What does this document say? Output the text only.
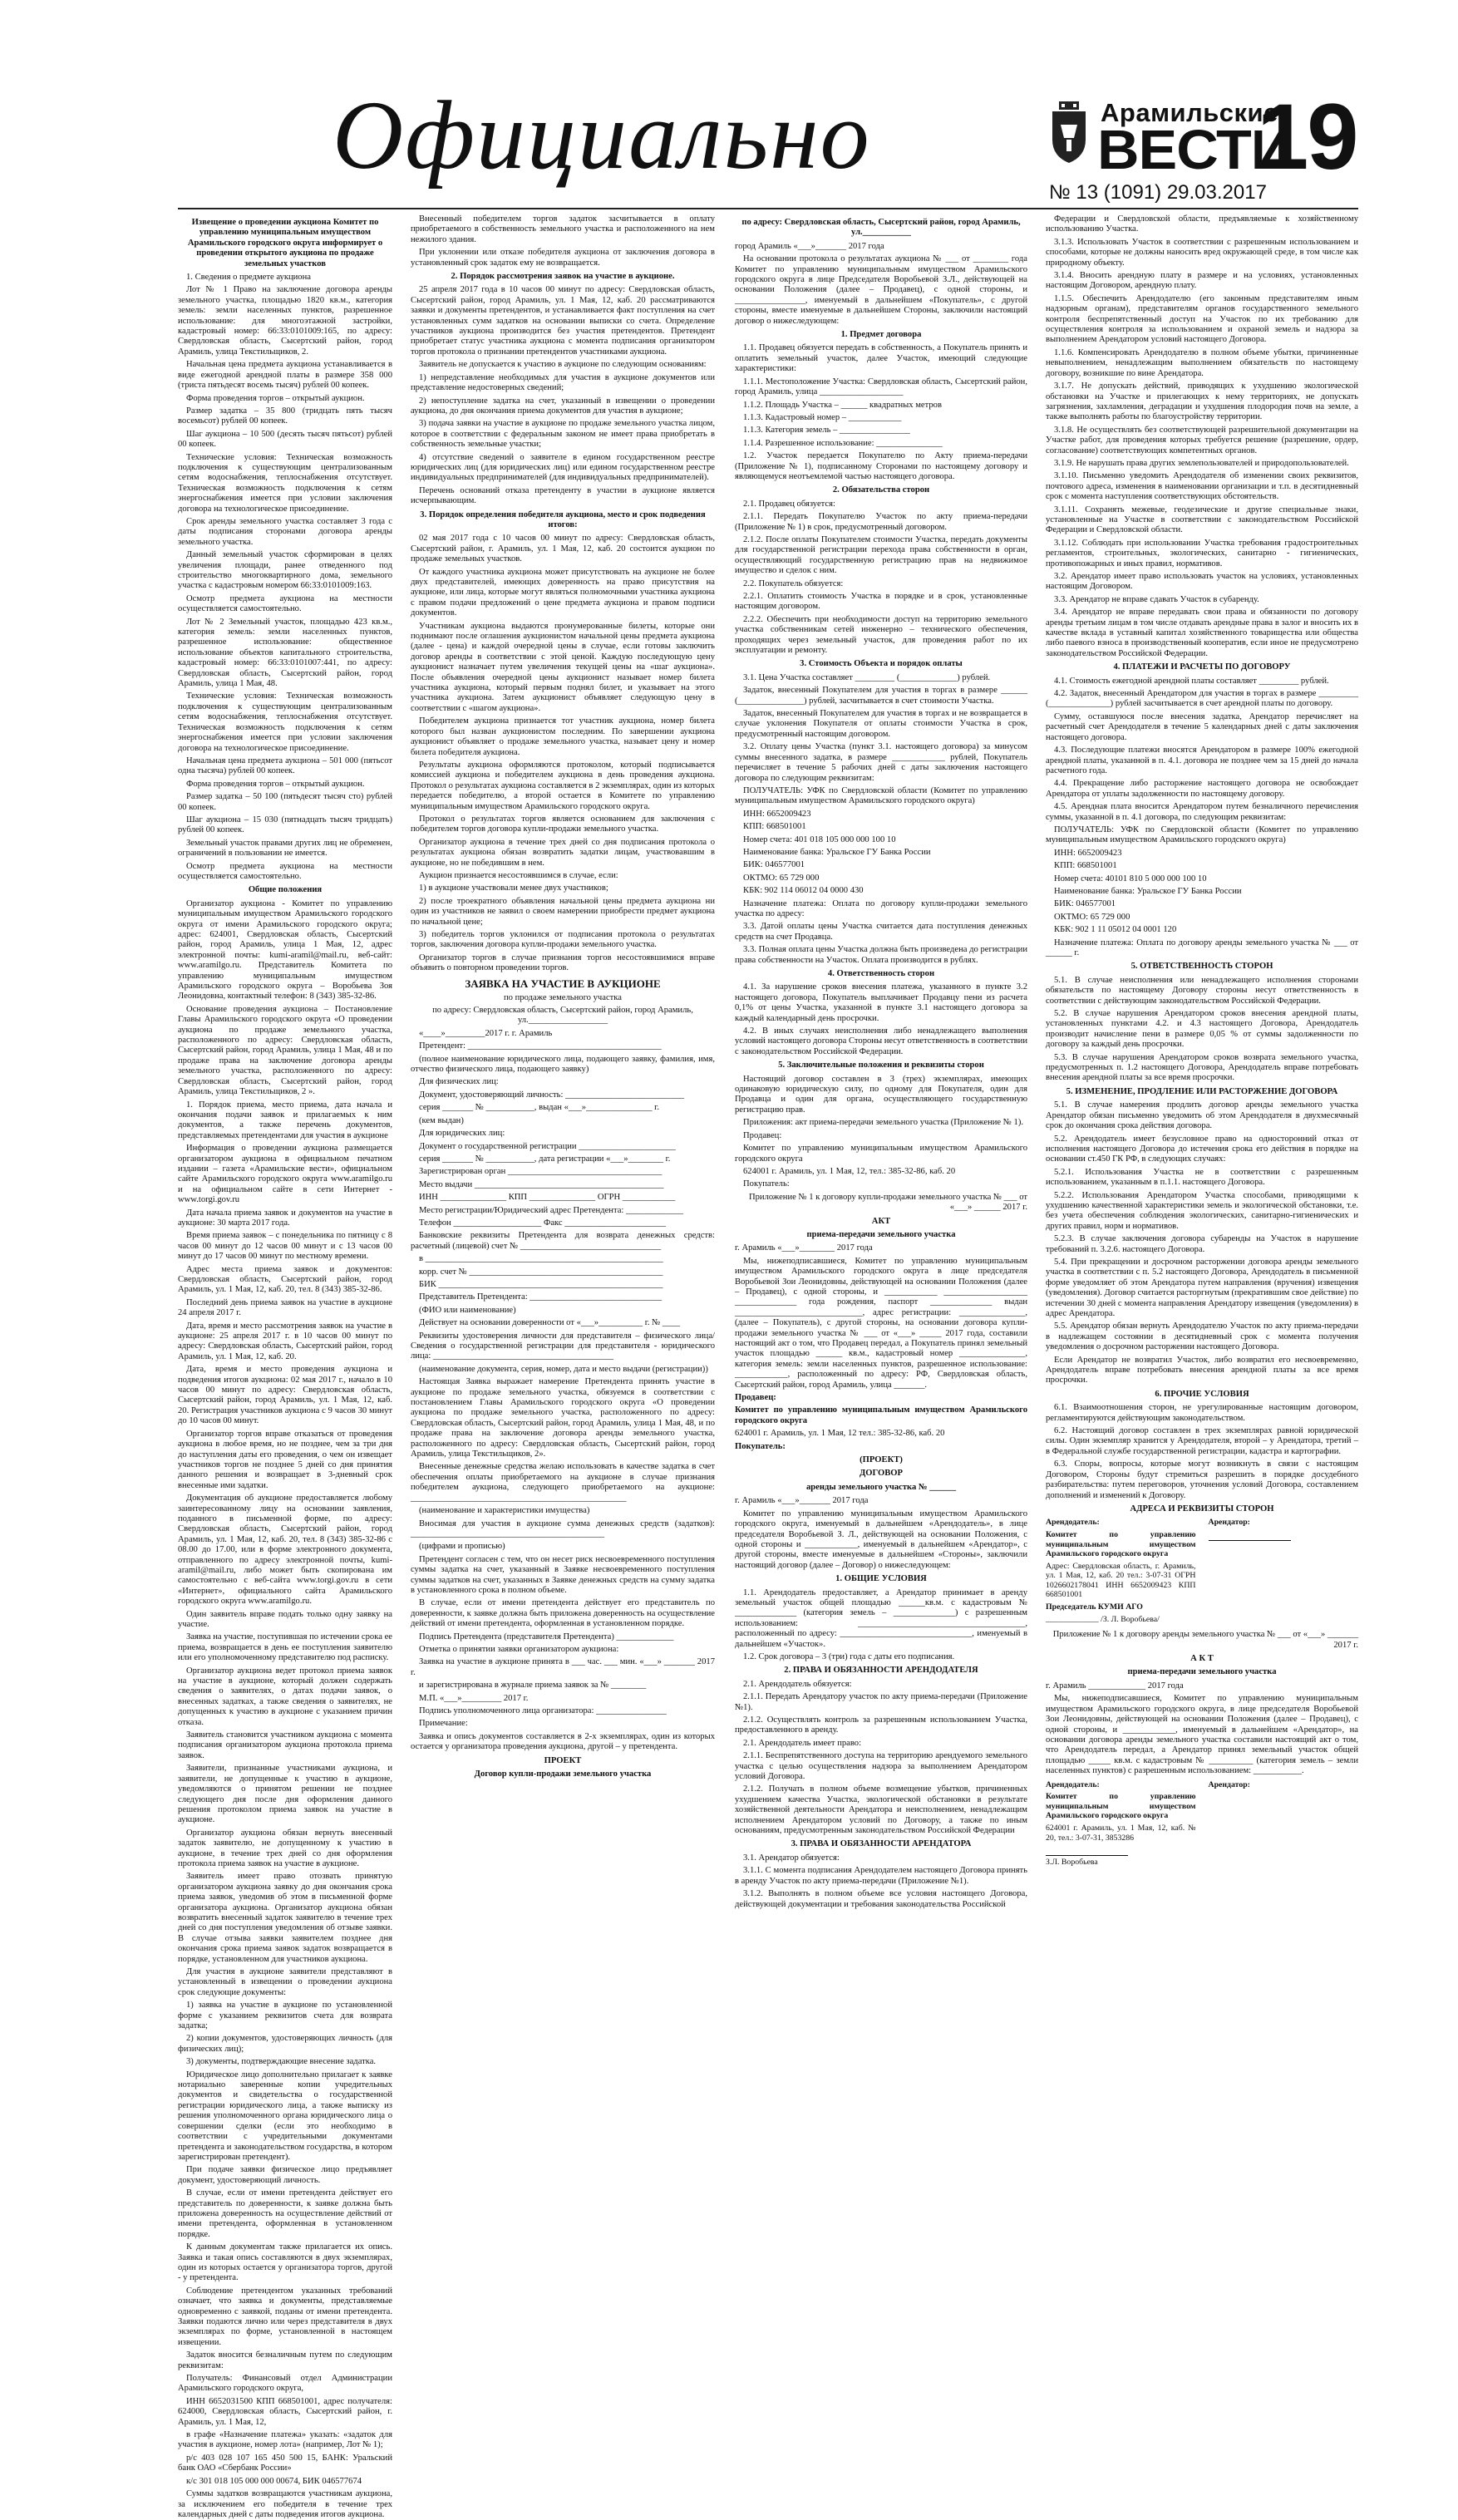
Официально	Арамильские
ВЕСТИ
19
№ 13 (1091) 29.03.2017

Извещение о проведении аукциона Комитет по управлению муниципальным имуществом Арамильского городского округа информирует о проведении открытого аукциона по продаже земельных участков

1. Сведения о предмете аукциона

Лот № 1 Право на заключение договора аренды земельного участка, площадью 1820 кв.м., категория земель: земли населенных пунктов, разрешенное использование: для многоэтажной застройки, кадастровый номер: 66:33:0101009:165, по адресу: Свердловская область, Сысертский район, город Арамиль, улица Текстильщиков, 2.

Начальная цена предмета аукциона устанавливается в виде ежегодной арендной платы в размере 358 000 (триста пятьдесят восемь тысяч) рублей 00 копеек.

Форма проведения торгов – открытый аукцион.

Размер задатка – 35 800 (тридцать пять тысяч восемьсот) рублей 00 копеек.

Шаг аукциона – 10 500 (десять тысяч пятьсот) рублей 00 копеек.

Технические условия: Техническая возможность подключения к существующим централизованным сетям водоснабжения, теплоснабжения отсутствует. Техническая возможность подключения к сетям энергоснабжения имеется при условии заключения договора на технологическое присоединение.

Срок аренды земельного участка составляет 3 года с даты подписания сторонами договора аренды земельного участка.

Данный земельный участок сформирован в целях увеличения площади, ранее отведенного под строительство многоквартирного дома, земельного участка с кадастровым номером 66:33:0101009:163.

Осмотр предмета аукциона на местности осуществляется самостоятельно.

Лот № 2 Земельный участок, площадью 423 кв.м., категория земель: земли населенных пунктов, разрешенное использование: общественное использование объектов капитального строительства, кадастровый номер: 66:33:0101007:441, по адресу: Свердловская область, Сысертский район, город Арамиль, улица 1 Мая, 48.

Технические условия: Техническая возможность подключения к существующим централизованным сетям водоснабжения, теплоснабжения отсутствует. Техническая возможность подключения к сетям энергоснабжения имеется при условии заключения договора на технологическое присоединение.

Начальная цена предмета аукциона – 501 000 (пятьсот одна тысяча) рублей 00 копеек.

Форма проведения торгов – открытый аукцион.

Размер задатка – 50 100 (пятьдесят тысяч сто) рублей 00 копеек.

Шаг аукциона – 15 030 (пятнадцать тысяч тридцать) рублей 00 копеек.

Земельный участок правами других лиц не обременен, ограничений в пользовании не имеется.

Осмотр предмета аукциона на местности осуществляется самостоятельно.

Общие положения

Организатор аукциона - Комитет по управлению муниципальным имуществом Арамильского городского округа от имени Арамильского городского округа; адрес: 624001, Свердловская область, Сысертский район, город Арамиль, улица 1 Мая, 12, адрес электронной почты: kumi-aramil@mail.ru, веб-сайт: www.aramilgo.ru. Представитель Комитета по управлению муниципальным имуществом Арамильского городского округа – Воробьева Зоя Леонидовна, контактный телефон: 8 (343) 385-32-86.

Основание проведения аукциона – Постановление Главы Арамильского городского округа «О проведении аукциона по продаже земельного участка, расположенного по адресу: Свердловская область, Сысертский район, город Арамиль, улица 1 Мая, 48 и по продаже права на заключение договора аренды земельного участка, расположенного по адресу: Свердловская область, Сысертский район, город Арамиль, улица Текстильщиков, 2 ».

1. Порядок приема, место приема, дата начала и окончания подачи заявок и прилагаемых к ним документов, а также перечень документов, представляемых претендентами для участия в аукционе

Информация о проведении аукциона размещается организатором аукциона в официальном печатном издании – газета «Арамильские вести», официальном сайте Арамильского городского округа www.aramilgo.ru и на официальном сайте в сети Интернет - www.torgi.gov.ru

Дата начала приема заявок и документов на участие в аукционе: 30 марта 2017 года.

Время приема заявок – с понедельника по пятницу с 8 часов 00 минут до 12 часов 00 минут и с 13 часов 00 минут до 17 часов 00 минут по местному времени.

Адрес места приема заявок и документов: Свердловская область, Сысертский район, город Арамиль, ул. 1 Мая, 12, каб. 20, тел. 8 (343) 385-32-86.

Последний день приема заявок на участие в аукционе 24 апреля 2017 г.

Дата, время и место рассмотрения заявок на участие в аукционе: 25 апреля 2017 г. в 10 часов 00 минут по адресу: Свердловская область, Сысертский район, город Арамиль, ул. 1 Мая, 12, каб. 20.

Дата, время и место проведения аукциона и подведения итогов аукциона: 02 мая 2017 г., начало в 10 часов 00 минут по адресу: Свердловская область, Сысертский район, город Арамиль, ул. 1 Мая, 12, каб. 20. Регистрация участников аукциона с 9 часов 30 минут до 10 часов 00 минут.

Организатор торгов вправе отказаться от проведения аукциона в любое время, но не позднее, чем за три дня до наступления даты его проведения, о чем он извещает участников торгов не позднее 5 дней со дня принятия данного решения и возвращает в 3-дневный срок внесенные ими задатки.

Документация об аукционе предоставляется любому заинтересованному лицу на основании заявления, поданного в письменной форме, по адресу: Свердловская область, Сысертский район, город Арамиль, ул. 1 Мая, 12, каб. 20, тел. 8 (343) 385-32-86 с 08.00 до 17.00, или в форме электронного документа, отправленного по адресу электронной почты, kumi-aramil@mail.ru, либо может быть скопирована им самостоятельно с веб-сайта www.torgi.gov.ru в сети «Интернет», официального сайта Арамильского городского округа www.aramilgo.ru.

Один заявитель вправе подать только одну заявку на участие.

Заявка на участие, поступившая по истечении срока ее приема, возвращается в день ее поступления заявителю или его уполномоченному представителю под расписку.

Организатор аукциона ведет протокол приема заявок на участие в аукционе, который должен содержать сведения о заявителях, о датах подачи заявок, о внесенных задатках, а также сведения о заявителях, не допущенных к участию в аукционе с указанием причин отказа.

Заявитель становится участником аукциона с момента подписания организатором аукциона протокола приема заявок.

Заявители, признанные участниками аукциона, и заявители, не допущенные к участию в аукционе, уведомляются о принятом решении не позднее следующего дня после дня оформления данного решения протоколом приема заявок на участие в аукционе.

Организатор аукциона обязан вернуть внесенный задаток заявителю, не допущенному к участию в аукционе, в течение трех дней со дня оформления протокола приема заявок на участие в аукционе.

Заявитель имеет право отозвать принятую организатором аукциона заявку до дня окончания срока приема заявок, уведомив об этом в письменной форме организатора аукциона. Организатор аукциона обязан возвратить внесенный задаток заявителю в течение трех дней со дня поступления уведомления об отзыве заявки. В случае отзыва заявки заявителем позднее дня окончания срока приема заявок задаток возвращается в порядке, установленном для участников аукциона.

Для участия в аукционе заявители представляют в установленный в извещении о проведении аукциона срок следующие документы:

1) заявка на участие в аукционе по установленной форме с указанием реквизитов счета для возврата задатка;

2) копии документов, удостоверяющих личность (для физических лиц);

3) документы, подтверждающие внесение задатка.

Юридическое лицо дополнительно прилагает к заявке нотариально заверенные копии учредительных документов и свидетельства о государственной регистрации юридического лица, а также выписку из решения уполномоченного органа юридического лица о совершении сделки (если это необходимо в соответствии с учредительными документами претендента и законодательством государства, в котором зарегистрирован претендент).

При подаче заявки физическое лицо предъявляет документ, удостоверяющий личность.

В случае, если от имени претендента действует его представитель по доверенности, к заявке должна быть приложена доверенность на осуществление действий от имени претендента, оформленная в установленном порядке.

К данным документам также прилагается их опись. Заявка и такая опись составляются в двух экземплярах, один из которых остается у организатора торгов, другой - у претендента.

Соблюдение претендентом указанных требований означает, что заявка и документы, представляемые одновременно с заявкой, поданы от имени претендента. Заявки подаются лично или через представителя в двух экземплярах по форме, установленной в настоящем извещении.

Задаток вносится безналичным путем по следующим реквизитам:

Получатель: Финансовый отдел Администрации Арамильского городского округа,

ИНН 6652031500 КПП 668501001, адрес получателя: 624000, Свердловская область, Сысертский район, г. Арамиль, ул. 1 Мая, 12,

в графе «Назначение платежа» указать: «задаток для участия в аукционе, номер лота» (например, Лот № 1);

р/с 403 028 107 165 450 500 15, БАНК: Уральский банк ОАО «Сбербанк России»

к/с 301 018 105 000 000 00674, БИК 046577674

Суммы задатков возвращаются участникам аукциона, за исключением его победителя в течение трех календарных дней с даты подведения итогов аукциона.

Внесенный победителем торгов задаток засчитывается в оплату приобретаемого в собственность земельного участка и расположенного на нем нежилого здания.

При уклонении или отказе победителя аукциона от заключения договора в установленный срок задаток ему не возвращается.

2. Порядок рассмотрения заявок на участие в аукционе.

25 апреля 2017 года в 10 часов 00 минут по адресу: Свердловская область, Сысертский район, город Арамиль, ул. 1 Мая, 12, каб. 20 рассматриваются заявки и документы претендентов, и устанавливается факт поступления на счет установленных сумм задатков на основании выписки со счета. Определение участников аукциона производится без участия претендентов. Претендент приобретает статус участника аукциона с момента подписания организатором торгов протокола о признании претендентов участниками аукциона.

Заявитель не допускается к участию в аукционе по следующим основаниям:

1) непредставление необходимых для участия в аукционе документов или представление недостоверных сведений;

2) непоступление задатка на счет, указанный в извещении о проведении аукциона, до дня окончания приема документов для участия в аукционе;

3) подача заявки на участие в аукционе по продаже земельного участка лицом, которое в соответствии с федеральным законом не имеет права приобретать в собственность земельные участки;

4) отсутствие сведений о заявителе в едином государственном реестре юридических лиц (для юридических лиц) или едином государственном реестре индивидуальных предпринимателей (для индивидуальных предпринимателей).

Перечень оснований отказа претенденту в участии в аукционе является исчерпывающим.

3. Порядок определения победителя аукциона, место и срок подведения итогов:

02 мая 2017 года с 10 часов 00 минут по адресу: Свердловская область, Сысертский район, г. Арамиль, ул. 1 Мая, 12, каб. 20 состоится аукцион по продаже земельных участков.

От каждого участника аукциона может присутствовать на аукционе не более двух представителей, имеющих доверенность на право присутствия на аукционе, или лица, которые могут являться полномочными участника аукциона с правом подачи предложений о цене предмета аукциона и правом подписи документов.

Участникам аукциона выдаются пронумерованные билеты, которые они поднимают после оглашения аукционистом начальной цены предмета аукциона (далее - цена) и каждой очередной цены в случае, если готовы заключить договор аренды в соответствии с этой ценой. Каждую последующую цену аукционист назначает путем увеличения текущей цены на «шаг аукциона». После объявления очередной цены аукционист называет номер билета участника аукциона, который первым поднял билет, и указывает на этого участника аукциона. Затем аукционист объявляет следующую цену в соответствии с «шагом аукциона».

Победителем аукциона признается тот участник аукциона, номер билета которого был назван аукционистом последним. По завершении аукциона аукционист объявляет о продаже земельного участка, называет цену и номер билета победителя аукциона.

Результаты аукциона оформляются протоколом, который подписывается комиссией аукциона и победителем аукциона в день проведения аукциона. Протокол о результатах аукциона составляется в 2 экземплярах, один из которых передается победителю, а второй остается в Комитете по управлению муниципальным имуществом Арамильского городского округа.

Протокол о результатах торгов является основанием для заключения с победителем торгов договора купли-продажи земельного участка.

Организатор аукциона в течение трех дней со дня подписания протокола о результатах аукциона обязан возвратить задатки лицам, участвовавшим в аукционе, но не победившим в нем.

Аукцион признается несостоявшимся в случае, если:

1) в аукционе участвовали менее двух участников;

2) после троекратного объявления начальной цены предмета аукциона ни один из участников не заявил о своем намерении приобрести предмет аукциона по начальной цене;

3) победитель торгов уклонился от подписания протокола о результатах торгов, заключения договора купли-продажи земельного участка.

Организатор торгов в случае признания торгов несостоявшимися вправе объявить о повторном проведении торгов.

ЗАЯВКА НА УЧАСТИЕ В АУКЦИОНЕ

по продаже земельного участка

по адресу: Свердловская область, Сысертский район, город Арамиль, ул.__________________

«____»_________2017 г. г. Арамиль

Претендент: ____________________________________________

(полное наименование юридического лица, подающего заявку, фамилия, имя, отчество физического лица, подающего заявку)

Для физических лиц:

Документ, удостоверяющий личность: ___________________________

серия _______ № ___________, выдан «___»_______________ г.

(кем выдан)

Для юридических лиц:

Документ о государственной регистрации ______________________

серия _______ № ___________, дата регистрации «___»________ г.

Зарегистрирован орган ___________________________________

Место выдачи ___________________________________________

ИНН _______________ КПП _______________ ОГРН ____________

Место регистрации/Юридический адрес Претендента: _____________

Телефон ____________________ Факс _______________________

Банковские реквизиты Претендента для возврата денежных средств: расчетный (лицевой) счет № ________________________________

в ______________________________________________________

корр. счет № ____________________________________________

БИК ___________________________________________________

Представитель Претендента: ______________________________

(ФИО или наименование)

Действует на основании доверенности от «___»__________ г. № ____

Реквизиты удостоверения личности для представителя – физического лица/Сведения о государственной регистрации для представителя - юридического лица: _________________________________________

(наименование документа, серия, номер, дата и место выдачи (регистрации))

Настоящая Заявка выражает намерение Претендента принять участие в аукционе по продаже земельного участка, обязуемся в соответствии с постановлением Главы Арамильского городского округа «О проведении аукциона по продаже земельного участка, расположенного по адресу: Свердловская область, Сысертский район, город Арамиль, улица 1 Мая, 48, и по продаже права на заключение договора аренды земельного участка, расположенного по адресу: Свердловская область, Сысертский район, город Арамиль, улица Текстильщиков, 2».

Внесенные денежные средства желаю использовать в качестве задатка в счет обеспечения оплаты приобретаемого на аукционе в случае признания победителем аукциона, следующего приобретаемого на аукционе: _________________________________________________

(наименование и характеристики имущества)

Вносимая для участия в аукционе сумма денежных средств (задатков): ____________________________________________

(цифрами и прописью)

Претендент согласен с тем, что он несет риск несвоевременного поступления суммы задатка на счет, указанный в Заявке несвоевременного поступления суммы задатков на счет, указанных в Заявке денежных средств на сумму задатка в установленного срока в полном объеме.

В случае, если от имени претендента действует его представитель по доверенности, к заявке должна быть приложена доверенность на осуществление действий от имени претендента, оформленная в установленном порядке.

Подпись Претендента (представителя Претендента) _____________

Отметка о принятии заявки организатором аукциона:

Заявка на участие в аукционе принята в ___ час. ___ мин. «___» _______ 2017 г.

и зарегистрирована в журнале приема заявок за № ________

М.П. «___»_________ 2017 г.

Подпись уполномоченного лица организатора: ________________

Примечание:

Заявка и опись документов составляется в 2-х экземплярах, один из которых остается у организатора проведения аукциона, другой – у претендента.

ПРОЕКТ

Договор купли-продажи земельного участка

по адресу: Свердловская область, Сысертский район, город Арамиль, ул.___________

город Арамиль «___»_______ 2017 года

На основании протокола о результатах аукциона № ___ от ________ года Комитет по управлению муниципальным имуществом Арамильского городского округа в лице Председателя Воробьевой З.Л., действующей на основании Положения (далее – Продавец), с одной стороны, и ________________, именуемый в дальнейшем «Покупатель», с другой стороны, вместе именуемые в дальнейшем Стороны, заключили настоящий договор о нижеследующем:

1. Предмет договора

1.1. Продавец обязуется передать в собственность, а Покупатель принять и оплатить земельный участок, далее Участок, имеющий следующие характеристики:

1.1.1. Местоположение Участка: Свердловская область, Сысертский район, город Арамиль, улица ___________________

1.1.2. Площадь Участка – ______ квадратных метров

1.1.3. Кадастровый номер – ____________

1.1.3. Категория земель – ________________

1.1.4. Разрешенное использование: _______________

1.2. Участок передается Покупателю по Акту приема-передачи (Приложение № 1), подписанному Сторонами по настоящему договору и являющемуся неотъемлемой частью настоящего договора.

2. Обязательства сторон

2.1. Продавец обязуется:

2.1.1. Передать Покупателю Участок по акту приема-передачи (Приложение № 1) в срок, предусмотренный договором.

2.1.2. После оплаты Покупателем стоимости Участка, передать документы для государственной регистрации перехода права собственности в орган, осуществляющий государственную регистрацию прав на недвижимое имущество и сделок с ним.

2.2. Покупатель обязуется:

2.2.1. Оплатить стоимость Участка в порядке и в срок, установленные настоящим договором.

2.2.2. Обеспечить при необходимости доступ на территорию земельного участка собственникам сетей инженерно – технического обеспечения, проходящих через земельный участок, для проведения работ по их эксплуатации и ремонту.

3. Стоимость Объекта и порядок оплаты

3.1. Цена Участка составляет _________ (_____________) рублей.

Задаток, внесенный Покупателем для участия в торгах в размере ______ (_______________) рублей, засчитывается в счет стоимости Участка.

Задаток, внесенный Покупателем для участия в торгах и не возвращается в случае уклонения Покупателя от оплаты стоимости Участка в срок, предусмотренный настоящим договором.

3.2. Оплату цены Участка (пункт 3.1. настоящего договора) за минусом суммы внесенного задатка, в размере ____________ рублей, Покупатель перечисляет в течение 5 рабочих дней с даты заключения настоящего договора по следующим реквизитам:

ПОЛУЧАТЕЛЬ: УФК по Свердловской области (Комитет по управлению муниципальным имуществом Арамильского городского округа)

ИНН: 6652009423

КПП: 668501001

Номер счета: 401 018 105 000 000 100 10

Наименование банка: Уральское ГУ Банка России

БИК: 046577001

ОКТМО: 65 729 000

КБК: 902 114 06012 04 0000 430

Назначение платежа: Оплата по договору купли-продажи земельного участка по адресу:

3.3. Датой оплаты цены Участка считается дата поступления денежных средств на счет Продавца.

3.3. Полная оплата цены Участка должна быть произведена до регистрации права собственности на Участок. Оплата производится в рублях.

4. Ответственность сторон

4.1. За нарушение сроков внесения платежа, указанного в пункте 3.2 настоящего договора, Покупатель выплачивает Продавцу пени из расчета 0,1% от цены Участка, указанной в пункте 3.1 настоящего договора за каждый календарный день просрочки.

4.2. В иных случаях неисполнения либо ненадлежащего выполнения условий настоящего договора Стороны несут ответственность в соответствии с законодательством Российской Федерации.

5. Заключительные положения и реквизиты сторон

Настоящий договор составлен в 3 (трех) экземплярах, имеющих одинаковую юридическую силу, по одному для Покупателя, один для Продавца и один для органа, осуществляющего государственную регистрацию прав.

Приложения: акт приема-передачи земельного участка (Приложение № 1).

Продавец:

Комитет по управлению муниципальным имуществом Арамильского городского округа

624001 г. Арамиль, ул. 1 Мая, 12, тел.: 385-32-86, каб. 20

Покупатель:

Приложение № 1 к договору купли-продажи земельного участка № ___ от «___» ______ 2017 г.

АКТ

приема-передачи земельного участка

г. Арамиль «___»________ 2017 года

Мы, нижеподписавшиеся, Комитет по управлению муниципальным имуществом Арамильского городского округа в лице председателя Воробьевой Зои Леонидовны, действующей на основании Положения (далее – Продавец), с одной стороны, и ____________ ___________________ ______________ года рождения, паспорт ______________ выдан _____________________________, адрес регистрации: _______________, (далее – Покупатель), с другой стороны, на основании договора купли-продажи земельного участка № ___ от «___» _____ 2017 года, составили настоящий акт о том, что Продавец передал, а Покупатель принял земельный участок площадью ______ кв.м., кадастровый номер _______________, категория земель: земли населенных пунктов, разрешенное использование: ____________, расположенный по адресу: РФ, Свердловская область, Сысертский район, город Арамиль, улица _______.

Продавец:

Комитет по управлению муниципальным имуществом Арамильского городского округа

624001 г. Арамиль, ул. 1 Мая, 12 тел.: 385-32-86, каб. 20

Покупатель:

(ПРОЕКТ)

ДОГОВОР

аренды земельного участка № ______

г. Арамиль «___»_______ 2017 года

Комитет по управлению муниципальным имуществом Арамильского городского округа, именуемый в дальнейшем «Арендодатель», в лице председателя Воробьевой З. Л., действующей на основании Положения, с одной стороны и ____________, именуемый в дальнейшем «Арендатор», с другой стороны, вместе именуемые в дальнейшем «Стороны», заключили настоящий договор (далее – Договор) о нижеследующем:

1. ОБЩИЕ УСЛОВИЯ

1.1. Арендодатель предоставляет, а Арендатор принимает в аренду земельный участок общей площадью ______кв.м. с кадастровым № ______________ (категория земель – ______________) с разрешенным использованием: ______________________________________, расположенный по адресу: ______________________________, именуемый в дальнейшем «Участок».

1.2. Срок договора – 3 (три) года с даты его подписания.

2. ПРАВА И ОБЯЗАННОСТИ АРЕНДОДАТЕЛЯ

2.1. Арендодатель обязуется:

2.1.1. Передать Арендатору участок по акту приема-передачи (Приложение №1).

2.1.2. Осуществлять контроль за разрешенным использованием Участка, предоставленного в аренду.

2.1. Арендодатель имеет право:

2.1.1. Беспрепятственного доступа на территорию арендуемого земельного участка с целью осуществления надзора за выполнением Арендатором условий Договора.

2.1.2. Получать в полном объеме возмещение убытков, причиненных ухудшением качества Участка, экологической обстановки в результате хозяйственной деятельности Арендатора и неисполнением, ненадлежащим исполнением Арендатором условий по Договору, а также по иным основаниям, предусмотренным законодательством Российской Федерации

3. ПРАВА И ОБЯЗАННОСТИ АРЕНДАТОРА

3.1. Арендатор обязуется:

3.1.1. С момента подписания Арендодателем настоящего Договора принять в аренду Участок по акту приема-передачи (Приложение №1).

3.1.2. Выполнять в полном объеме все условия настоящего Договора, действующей документации и требования законодательства Российской

Федерации и Свердловской области, предъявляемые к хозяйственному использованию Участка.

3.1.3. Использовать Участок в соответствии с разрешенным использованием и способами, которые не должны наносить вред окружающей среде, в том числе как природному объекту.

3.1.4. Вносить арендную плату в размере и на условиях, установленных настоящим Договором, арендную плату.

1.1.5. Обеспечить Арендодателю (его законным представителям иным надзорным органам), представителям органов государственного земельного контроля беспрепятственный доступ на Участок по их требованию для осуществления контроля за использованием и охраной земель и надзора за выполнением Арендатором условий настоящего Договора.

1.1.6. Компенсировать Арендодателю в полном объеме убытки, причиненные невыполнением, ненадлежащим выполнением обязательств по настоящему договору, возникшие по вине Арендатора.

3.1.7. Не допускать действий, приводящих к ухудшению экологической обстановки на Участке и прилегающих к нему территориях, не допускать загрязнения, захламления, деградации и ухудшения плодородия почв на земле, а также выполнять работы по благоустройству территории.

3.1.8. Не осуществлять без соответствующей разрешительной документации на Участке работ, для проведения которых требуется решение (разрешение, ордер, согласование) соответствующих компетентных органов.

3.1.9. Не нарушать права других землепользователей и природопользователей.

3.1.10. Письменно уведомить Арендодателя об изменении своих реквизитов, почтового адреса, изменения в наименовании организации и т.п. в десятидневный срок с момента наступления соответствующих обстоятельств.

3.1.11. Сохранять межевые, геодезические и другие специальные знаки, установленные на Участке в соответствии с законодательством Российской Федерации и Свердловской области.

3.1.12. Соблюдать при использовании Участка требования градостроительных регламентов, строительных, экологических, санитарно - гигиенических, противопожарных и иных правил, нормативов.

3.2. Арендатор имеет право использовать участок на условиях, установленных настоящим Договором.

3.3. Арендатор не вправе сдавать Участок в субаренду.

3.4. Арендатор не вправе передавать свои права и обязанности по договору аренды третьим лицам в том числе отдавать арендные права в залог и вносить их в качестве вклада в уставный капитал хозяйственного товарищества или общества либо паевого взноса в производственный кооператив, если иное не предусмотрено законодательством Российской Федерации.

4. ПЛАТЕЖИ И РАСЧЕТЫ ПО ДОГОВОРУ

4.1. Стоимость ежегодной арендной платы составляет _________ рублей.

4.2. Задаток, внесенный Арендатором для участия в торгах в размере _________ (______________) рублей засчитывается в счет арендной платы по договору.

Сумму, оставшуюся после внесения задатка, Арендатор перечисляет на расчетный счет Арендодателя в течение 5 календарных дней с даты заключения настоящего договора.

4.3. Последующие платежи вносятся Арендатором в размере 100% ежегодной арендной платы, указанной в п. 4.1. договора не позднее чем за 15 дней до начала расчетного года.

4.4. Прекращение либо расторжение настоящего договора не освобождает Арендатора от уплаты задолженности по настоящему договору.

4.5. Арендная плата вносится Арендатором путем безналичного перечисления суммы, указанной в п. 4.1 договора, по следующим реквизитам:

ПОЛУЧАТЕЛЬ: УФК по Свердловской области (Комитет по управлению муниципальным имуществом Арамильского городского округа)

ИНН: 6652009423

КПП: 668501001

Номер счета: 40101 810 5 000 000 100 10

Наименование банка: Уральское ГУ Банка России

БИК: 046577001

ОКТМО: 65 729 000

КБК: 902 1 11 05012 04 0001 120

Назначение платежа: Оплата по договору аренды земельного участка № ___ от ______ г.

5. ОТВЕТСТВЕННОСТЬ СТОРОН

5.1. В случае неисполнения или ненадлежащего исполнения сторонами обязательств по настоящему Договору стороны несут ответственность в соответствии с действующим законодательством Российской Федерации.

5.2. В случае нарушения Арендатором сроков внесения арендной платы, установленных пунктами 4.2. и 4.3 настоящего Договора, Арендодатель производит начисление пени в размере 0,05 % от суммы задолженности по договору за каждый день просрочки.

5.3. В случае нарушения Арендатором сроков возврата земельного участка, предусмотренных п. 1.2 настоящего Договора, Арендодатель вправе потребовать внесения арендной платы за все время просрочки.

5. ИЗМЕНЕНИЕ, ПРОДЛЕНИЕ ИЛИ РАСТОРЖЕНИЕ ДОГОВОРА

5.1. В случае намерения продлить договор аренды земельного участка Арендатор обязан письменно уведомить об этом Арендодателя в двухмесячный срок до окончания срока действия договора.

5.2. Арендодатель имеет безусловное право на односторонний отказ от исполнения настоящего Договора до истечения срока его действия в порядке на основании ст.450 ГК РФ, в следующих случаях:

5.2.1. Использования Участка не в соответствии с разрешенным использованием, указанным в п.1.1. настоящего Договора.

5.2.2. Использования Арендатором Участка способами, приводящими к ухудшению качественной характеристики земель и экологической обстановки, т.е. без учета обеспечения соблюдения экологических, санитарно-гигиенических и других правил, норм и нормативов.

5.2.3. В случае заключения договора субаренды на Участок в нарушение требований п. 3.2.6. настоящего Договора.

5.4. При прекращении и досрочном расторжении договора аренды земельного участка в соответствии с п. 5.2 настоящего Договора, Арендодатель в письменной форме уведомляет об этом Арендатора путем направления (вручения) извещения (уведомления). Договор считается расторгнутым (прекратившим свое действие) по истечении 30 дней с момента направления Арендатору извещения (уведомления) в адрес Арендатора.

5.5. Арендатор обязан вернуть Арендодателю Участок по акту приема-передачи в надлежащем состоянии в десятидневный срок с момента получения уведомления о досрочном расторжении настоящего Договора.

Если Арендатор не возвратил Участок, либо возвратил его несвоевременно, Арендодатель вправе потребовать внесения арендной платы за все время просрочки.

6. ПРОЧИЕ УСЛОВИЯ

6.1. Взаимоотношения сторон, не урегулированные настоящим договором, регламентируются действующим законодательством.

6.2. Настоящий договор составлен в трех экземплярах равной юридической силы. Один экземпляр хранится у Арендодателя, второй – у Арендатора, третий – в Федеральной службе государственной регистрации, кадастра и картографии.

6.3. Споры, вопросы, которые могут возникнуть в связи с настоящим Договором, Стороны будут стремиться разрешить в порядке досудебного разбирательства: путем переговоров, уточнения условий Договора, составлением дополнений и изменений к Договору.

АДРЕСА И РЕКВИЗИТЫ СТОРОН

Арендодатель:

Комитет по управлению муниципальным имуществом Арамильского городского округа

Адрес: Свердловская область, г. Арамиль, ул. 1 Мая, 12, каб. 20 тел.: 3-07-31 ОГРН 1026602178041 ИНН 6652009423 КПП 668501001

Председатель КУМИ АГО

_____________ /З. Л. Воробьева/

Арендатор:

Приложение № 1 к договору аренды земельного участка № ___ от «___» _______ 2017 г.

А К Т

приема-передачи земельного участка

г. Арамиль _____________ 2017 года

Мы, нижеподписавшиеся, Комитет по управлению муниципальным имуществом Арамильского городского округа, в лице председателя Воробьевой Зои Леонидовны, действующей на основании Положения (далее – Продавец), с одной стороны, и ____________, именуемый в дальнейшем «Арендатор», на основании договора аренды земельного участка составили настоящий акт о том, что Арендодатель передал, а Арендатор принял земельный участок общей площадью _____ кв.м. с кадастровым № __________ (категория земель – земли населенных пунктов) с разрешенным использованием: ___________.

Арендодатель:

Комитет по управлению муниципальным имуществом Арамильского городского округа

624001 г. Арамиль, ул. 1 Мая, 12, каб. № 20, тел.: 3-07-31, 3853286

З.Л. Воробьева

Арендатор:
